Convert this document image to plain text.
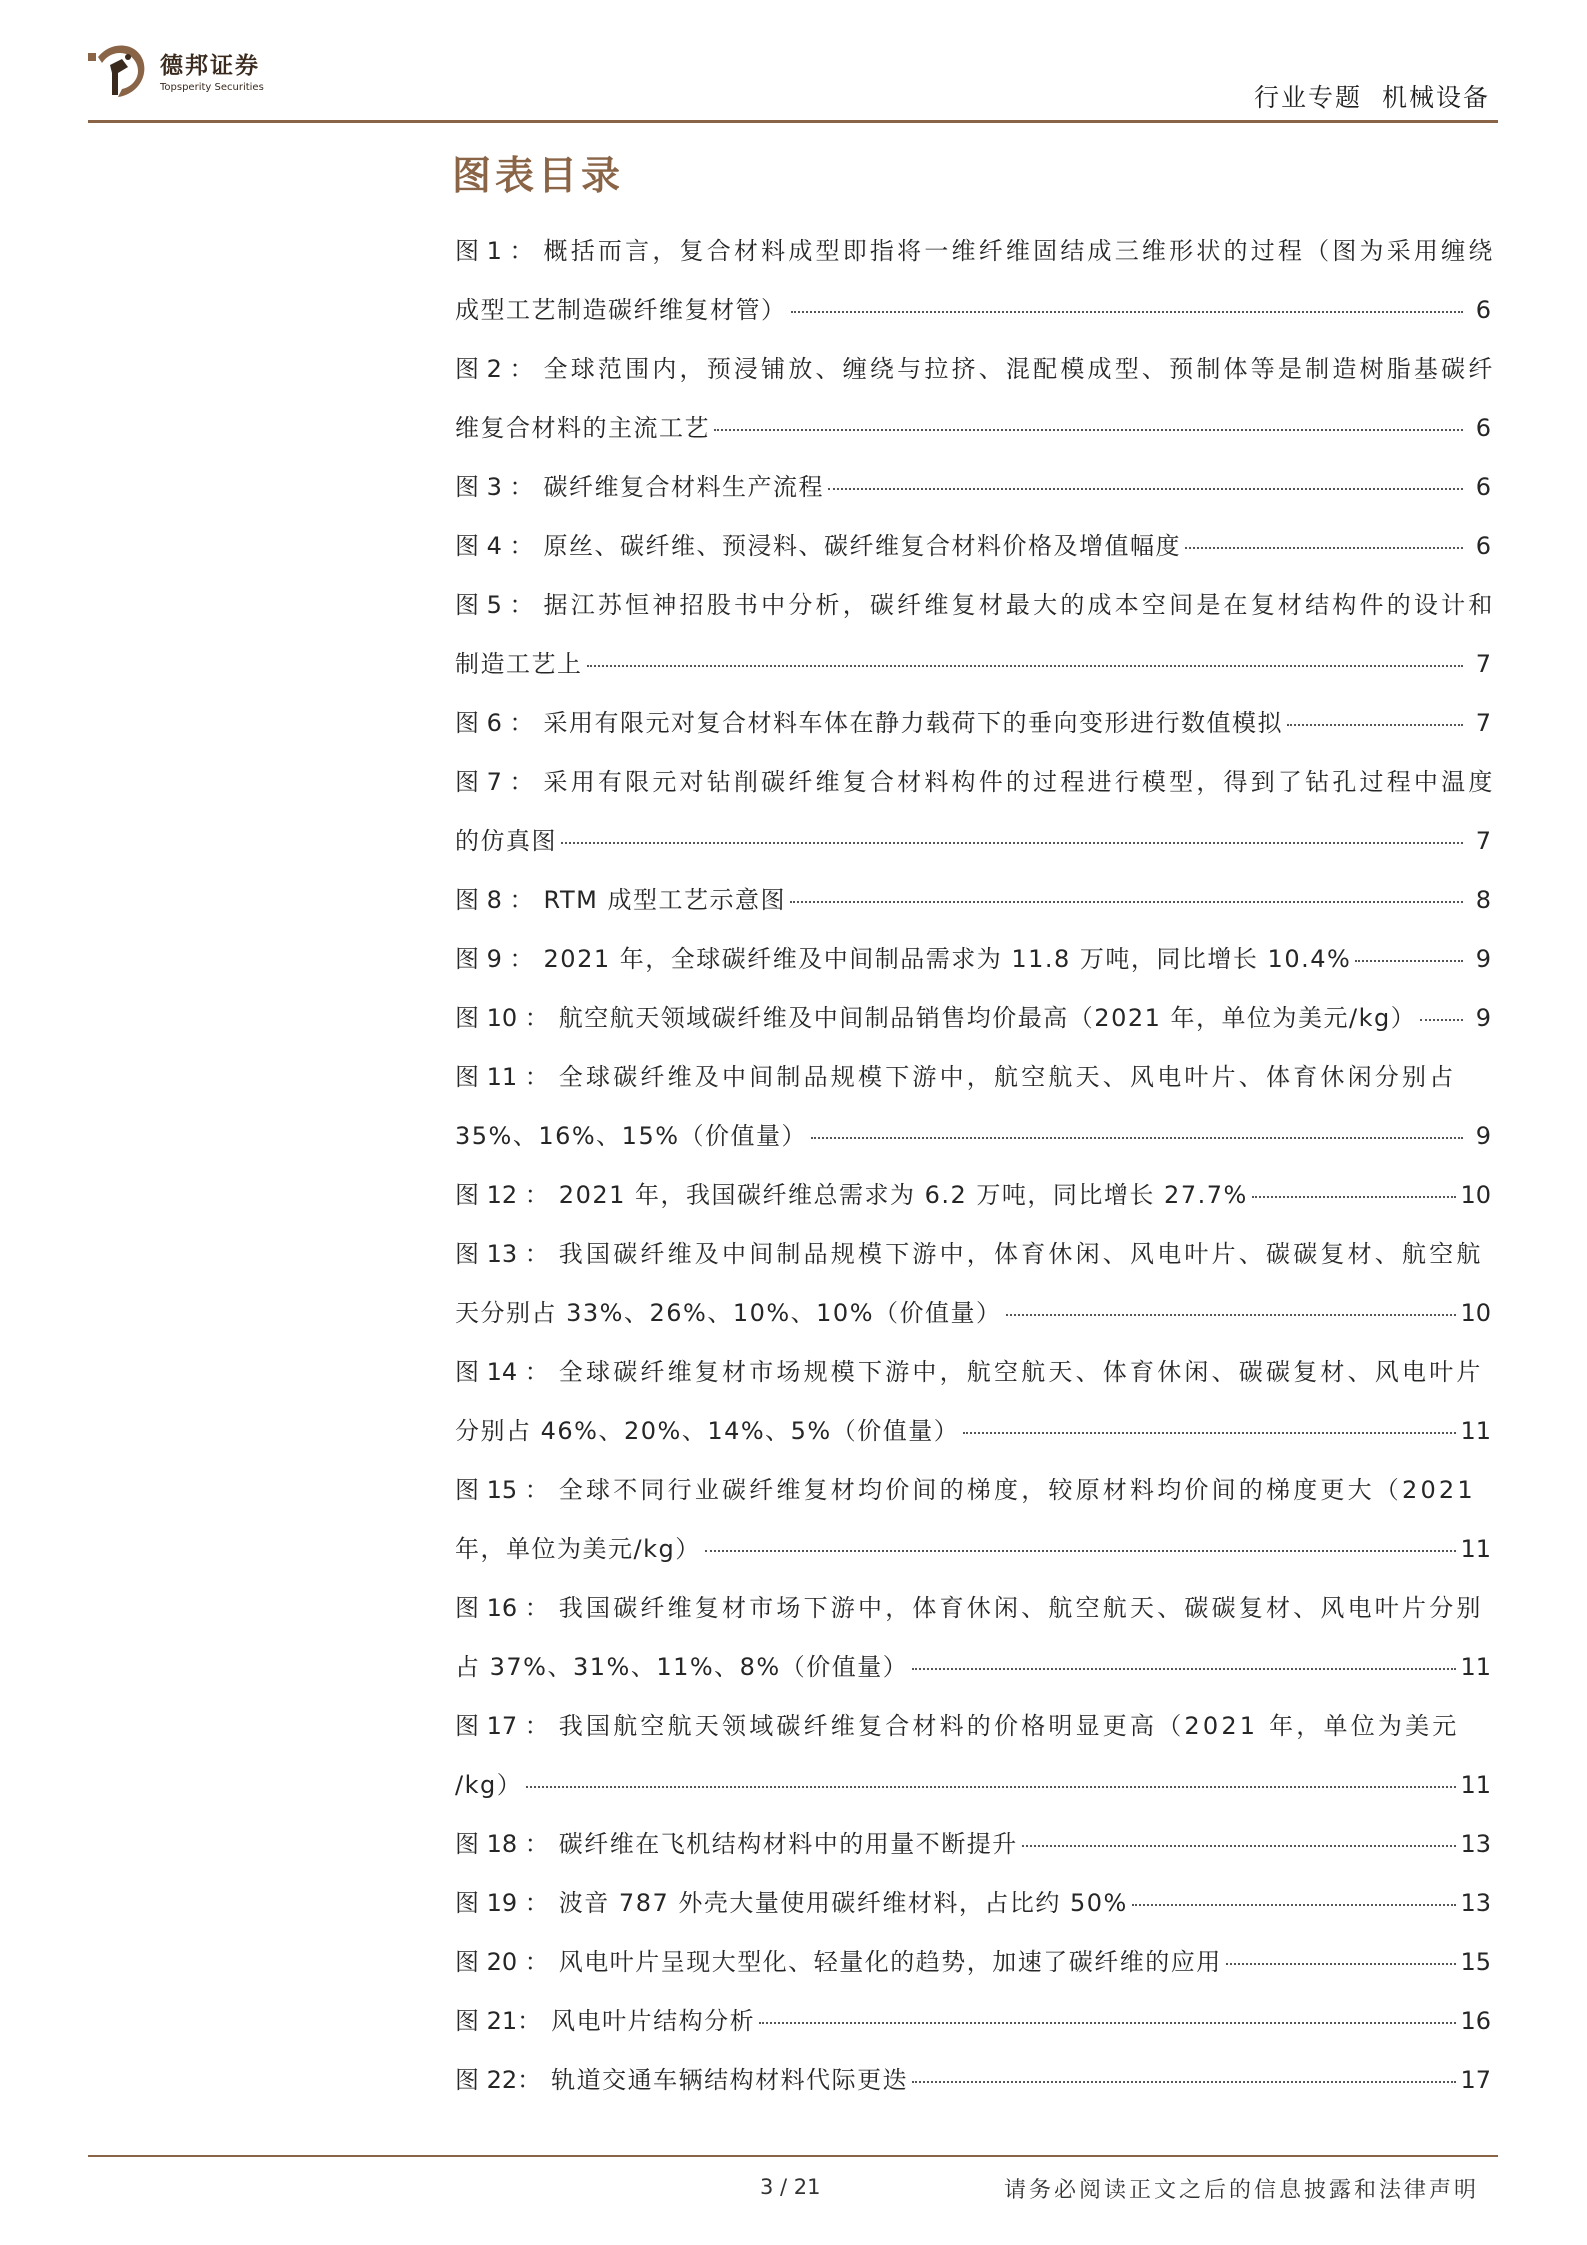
德邦证券
Topsperity Securities	行业专题 机械设备
图表目录
图 1 ： 概括而言，复合材料成型即指将一维纤维固结成三维形状的过程（图为采用缠绕
成型工艺制造碳纤维复材管）	6
图 2 ： 全球范围内，预浸铺放、缠绕与拉挤、混配模成型、预制体等是制造树脂基碳纤
维复合材料的主流工艺	6
图 3 ： 碳纤维复合材料生产流程	6
图 4 ： 原丝、碳纤维、预浸料、碳纤维复合材料价格及增值幅度	6
图 5 ： 据江苏恒神招股书中分析，碳纤维复材最大的成本空间是在复材结构件的设计和
制造工艺上	7
图 6 ： 采用有限元对复合材料车体在静力载荷下的垂向变形进行数值模拟	7
图 7 ： 采用有限元对钻削碳纤维复合材料构件的过程进行模型，得到了钻孔过程中温度
的仿真图	7
图 8 ： RTM 成型工艺示意图	8
图 9 ： 2021 年，全球碳纤维及中间制品需求为 11.8 万吨，同比增长 10.4%	9
图 10 ： 航空航天领域碳纤维及中间制品销售均价最高（2021 年，单位为美元/kg）	9
图 11 ： 全球碳纤维及中间制品规模下游中，航空航天、风电叶片、体育休闲分别占
35%、16%、15%（价值量）	9
图 12 ： 2021 年，我国碳纤维总需求为 6.2 万吨，同比增长 27.7%	10
图 13 ： 我国碳纤维及中间制品规模下游中，体育休闲、风电叶片、碳碳复材、航空航
天分别占 33%、26%、10%、10%（价值量）	10
图 14 ： 全球碳纤维复材市场规模下游中，航空航天、体育休闲、碳碳复材、风电叶片
分别占 46%、20%、14%、5%（价值量）	11
图 15 ： 全球不同行业碳纤维复材均价间的梯度，较原材料均价间的梯度更大（2021
年，单位为美元/kg）	11
图 16 ： 我国碳纤维复材市场下游中，体育休闲、航空航天、碳碳复材、风电叶片分别
占 37%、31%、11%、8%（价值量）	11
图 17 ： 我国航空航天领域碳纤维复合材料的价格明显更高（2021 年，单位为美元
/kg）	11
图 18 ： 碳纤维在飞机结构材料中的用量不断提升	13
图 19 ： 波音 787 外壳大量使用碳纤维材料，占比约 50%	13
图 20 ： 风电叶片呈现大型化、轻量化的趋势，加速了碳纤维的应用	15
图 21： 风电叶片结构分析	16
图 22： 轨道交通车辆结构材料代际更迭	17
3 / 21	请务必阅读正文之后的信息披露和法律声明
